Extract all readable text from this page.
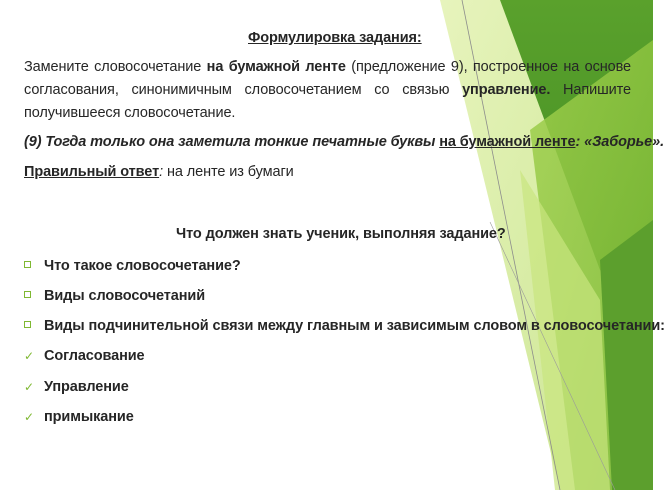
Формулировка задания:
Замените словосочетание на бумажной ленте (предложение 9), построенное на основе
согласования, синонимичным словосочетанием со связью управление. Напишите
получившееся словосочетание.
(9) Тогда только она заметила тонкие печатные буквы на бумажной ленте: «Заборье».
Правильный ответ: на ленте из бумаги
Что должен знать ученик, выполняя задание?
Что такое словосочетание?
Виды словосочетаний
Виды подчинительной связи между главным и зависимым словом в словосочетании:
✓ Согласование
✓ Управление
✓ примыкание
